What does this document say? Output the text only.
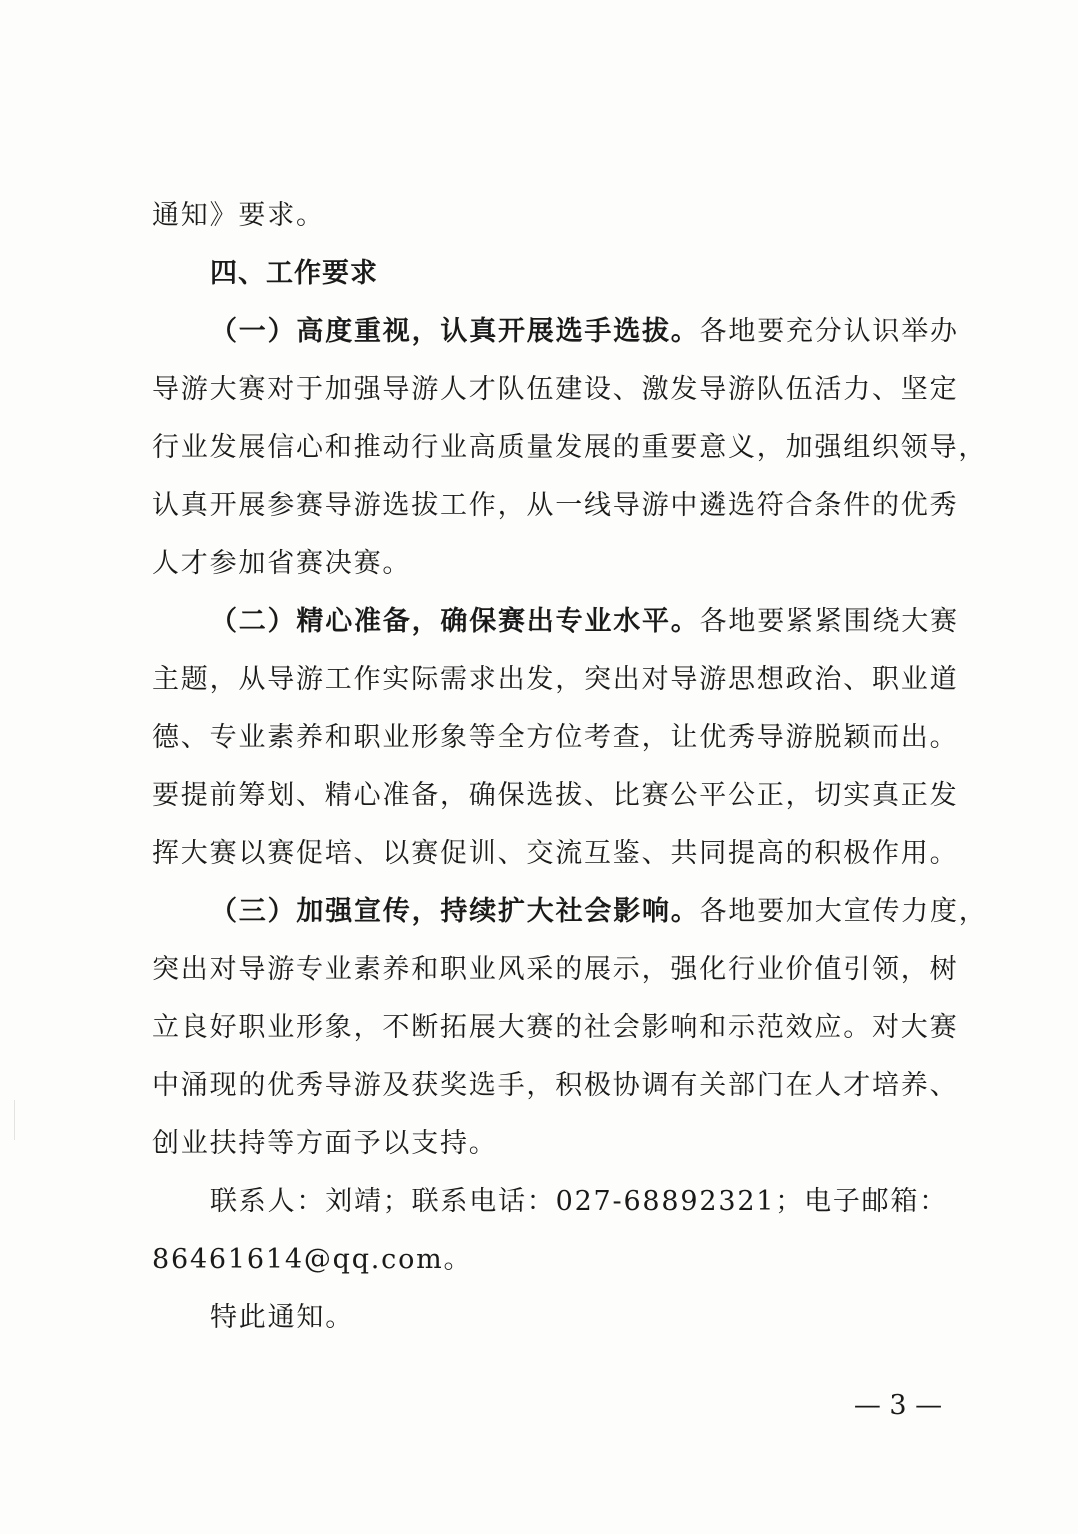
通知》要求。
四、工作要求
（一）高度重视，认真开展选手选拔。各地要充分认识举办
导游大赛对于加强导游人才队伍建设、激发导游队伍活力、坚定
行业发展信心和推动行业高质量发展的重要意义，加强组织领导，
认真开展参赛导游选拔工作，从一线导游中遴选符合条件的优秀
人才参加省赛决赛。
（二）精心准备，确保赛出专业水平。各地要紧紧围绕大赛
主题，从导游工作实际需求出发，突出对导游思想政治、职业道
德、专业素养和职业形象等全方位考查，让优秀导游脱颖而出。
要提前筹划、精心准备，确保选拔、比赛公平公正，切实真正发
挥大赛以赛促培、以赛促训、交流互鉴、共同提高的积极作用。
（三）加强宣传，持续扩大社会影响。各地要加大宣传力度，
突出对导游专业素养和职业风采的展示，强化行业价值引领，树
立良好职业形象，不断拓展大赛的社会影响和示范效应。对大赛
中涌现的优秀导游及获奖选手，积极协调有关部门在人才培养、
创业扶持等方面予以支持。
联系人：刘靖；联系电话：027-68892321；电子邮箱：
86461614@qq.com。
特此通知。
— 3 —
